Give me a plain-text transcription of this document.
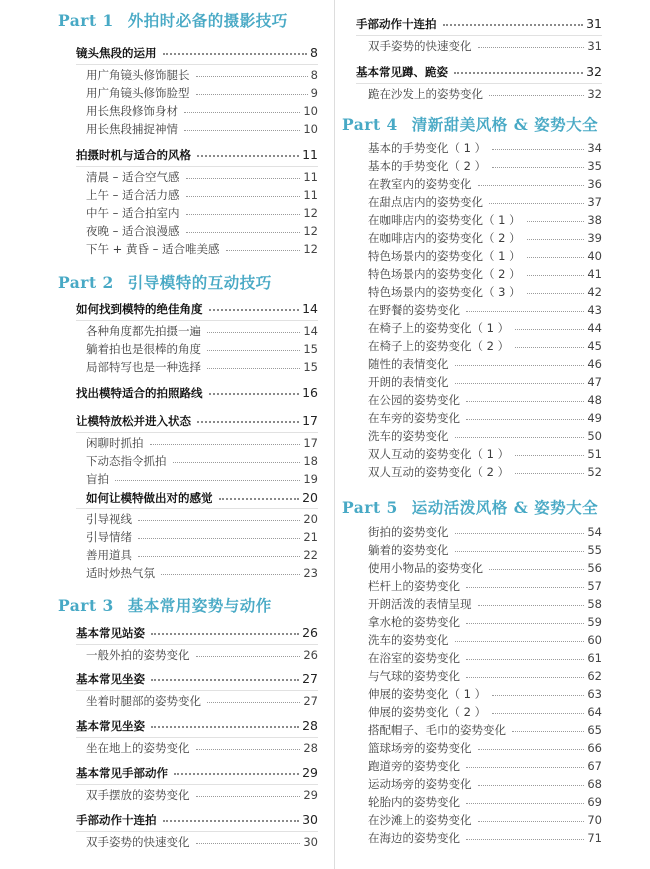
Part 1 外拍时必备的摄影技巧
镜头焦段的运用	8
用广角镜头修饰腿长	8
用广角镜头修饰脸型	9
用长焦段修饰身材	10
用长焦段捕捉神情	10
拍摄时机与适合的风格	11
清晨 – 适合空气感	11
上午 – 适合活力感	11
中午 – 适合拍室内	12
夜晚 – 适合浪漫感	12
下午 + 黄昏 – 适合唯美感	12
Part 2 引导模特的互动技巧
如何找到模特的绝佳角度	14
各种角度都先拍摄一遍	14
躺着拍也是很棒的角度	15
局部特写也是一种选择	15
找出模特适合的拍照路线	16
让模特放松并进入状态	17
闲聊时抓拍	17
下动态指令抓拍	18
盲拍	19
如何让模特做出对的感觉	20
引导视线	20
引导情绪	21
善用道具	22
适时炒热气氛	23
Part 3 基本常用姿势与动作
基本常见站姿	26
一般外拍的姿势变化	26
基本常见坐姿	27
坐着时腿部的姿势变化	27
基本常见坐姿	28
坐在地上的姿势变化	28
基本常见手部动作	29
双手摆放的姿势变化	29
手部动作十连拍	30
双手姿势的快速变化	30
手部动作十连拍	31
双手姿势的快速变化	31
基本常见蹲、跪姿	32
跪在沙发上的姿势变化	32
Part 4 清新甜美风格 & 姿势大全
基本的手势变化（ 1 ）	34
基本的手势变化（ 2 ）	35
在教室内的姿势变化	36
在甜点店内的姿势变化	37
在咖啡店内的姿势变化（ 1 ）	38
在咖啡店内的姿势变化（ 2 ）	39
特色场景内的姿势变化（ 1 ）	40
特色场景内的姿势变化（ 2 ）	41
特色场景内的姿势变化（ 3 ）	42
在野餐的姿势变化	43
在椅子上的姿势变化（ 1 ）	44
在椅子上的姿势变化（ 2 ）	45
随性的表情变化	46
开朗的表情变化	47
在公园的姿势变化	48
在车旁的姿势变化	49
洗车的姿势变化	50
双人互动的姿势变化（ 1 ）	51
双人互动的姿势变化（ 2 ）	52
Part 5 运动活泼风格 & 姿势大全
街拍的姿势变化	54
躺着的姿势变化	55
使用小物品的姿势变化	56
栏杆上的姿势变化	57
开朗活泼的表情呈现	58
拿水枪的姿势变化	59
洗车的姿势变化	60
在浴室的姿势变化	61
与气球的姿势变化	62
伸展的姿势变化（ 1 ）	63
伸展的姿势变化（ 2 ）	64
搭配帽子、毛巾的姿势变化	65
篮球场旁的姿势变化	66
跑道旁的姿势变化	67
运动场旁的姿势变化	68
轮胎内的姿势变化	69
在沙滩上的姿势变化	70
在海边的姿势变化	71
